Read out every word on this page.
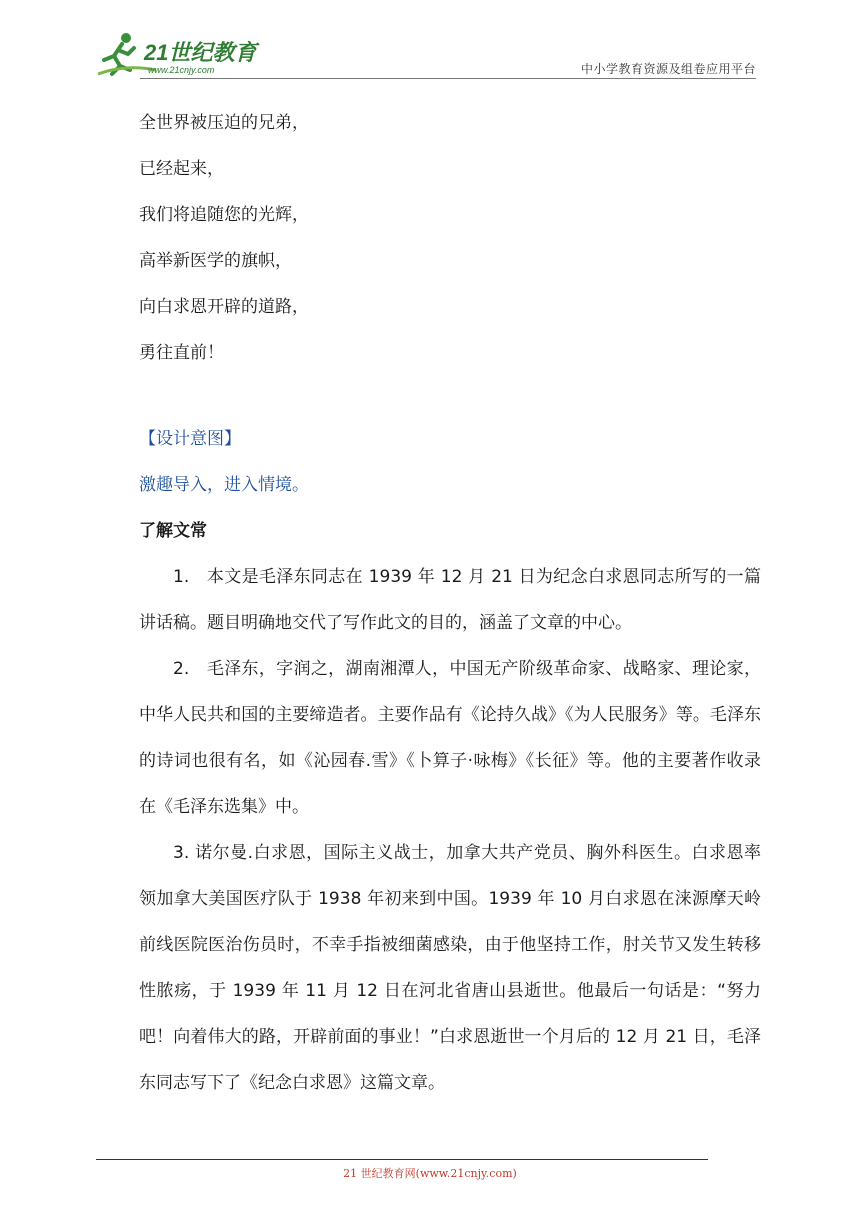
21世纪教育
www.21cnjy.com	中小学教育资源及组卷应用平台

全世界被压迫的兄弟，

已经起来，

我们将追随您的光辉，

高举新医学的旗帜，

向白求恩开辟的道路，

勇往直前！

【设计意图】
激趣导入，进入情境。
了解文常

1.　本文是毛泽东同志在 1939 年 12 月 21 日为纪念白求恩同志所写的一篇讲话稿。题目明确地交代了写作此文的目的，涵盖了文章的中心。

2.　毛泽东，字润之，湖南湘潭人，中国无产阶级革命家、战略家、理论家，中华人民共和国的主要缔造者。主要作品有《论持久战》《为人民服务》等。毛泽东的诗词也很有名，如《沁园春.雪》《卜算子·咏梅》《长征》等。他的主要著作收录在《毛泽东选集》中。

3. 诺尔曼.白求恩，国际主义战士，加拿大共产党员、胸外科医生。白求恩率领加拿大美国医疗队于 1938 年初来到中国。1939 年 10 月白求恩在涞源摩天岭前线医院医治伤员时，不幸手指被细菌感染，由于他坚持工作，肘关节又发生转移性脓疡，于 1939 年 11 月 12 日在河北省唐山县逝世。他最后一句话是：“努力吧！向着伟大的路，开辟前面的事业！”白求恩逝世一个月后的 12 月 21 日，毛泽东同志写下了《纪念白求恩》这篇文章。

21 世纪教育网(www.21cnjy.com)
